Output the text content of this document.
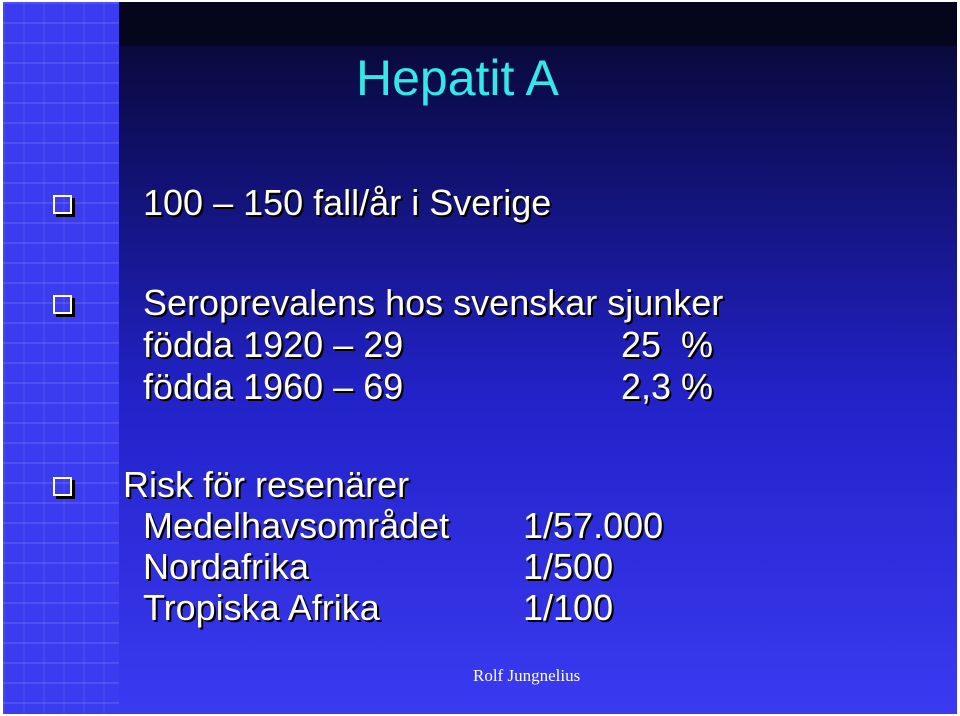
Hepatit A
100 – 150 fall/år i Sverige
Seroprevalens hos svenskar sjunker
födda 1920 – 29	25  %
födda 1960 – 69	2,3 %
Risk för resenärer
Medelhavsområdet 1/57.000
Nordafrika	1/500
Tropiska Afrika	1/100
Rolf Jungnelius
